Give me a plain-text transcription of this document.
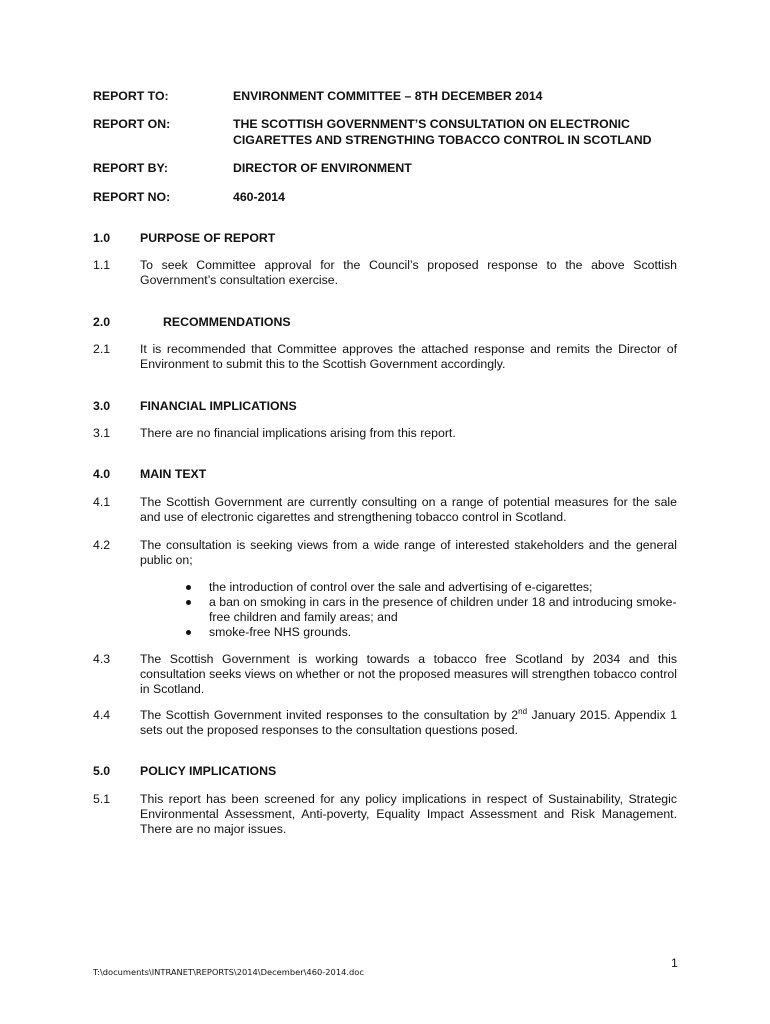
REPORT TO:	ENVIRONMENT COMMITTEE – 8TH DECEMBER 2014
REPORT ON:	THE SCOTTISH GOVERNMENT’S CONSULTATION ON ELECTRONIC CIGARETTES AND STRENGTHING TOBACCO CONTROL IN SCOTLAND
REPORT BY:	DIRECTOR OF ENVIRONMENT
REPORT NO:	460-2014
1.0 PURPOSE OF REPORT
1.1 To seek Committee approval for the Council’s proposed response to the above Scottish Government’s consultation exercise.
2.0	RECOMMENDATIONS
2.1 It is recommended that Committee approves the attached response and remits the Director of Environment to submit this to the Scottish Government accordingly.
3.0 FINANCIAL IMPLICATIONS
3.1 There are no financial implications arising from this report.
4.0 MAIN TEXT
4.1 The Scottish Government are currently consulting on a range of potential measures for the sale and use of electronic cigarettes and strengthening tobacco control in Scotland.
4.2 The consultation is seeking views from a wide range of interested stakeholders and the general public on;
the introduction of control over the sale and advertising of e-cigarettes;
a ban on smoking in cars in the presence of children under 18 and introducing smoke-free children and family areas; and
smoke-free NHS grounds.
4.3 The Scottish Government is working towards a tobacco free Scotland by 2034 and this consultation seeks views on whether or not the proposed measures will strengthen tobacco control in Scotland.
4.4 The Scottish Government invited responses to the consultation by 2nd January 2015. Appendix 1 sets out the proposed responses to the consultation questions posed.
5.0 POLICY IMPLICATIONS
5.1 This report has been screened for any policy implications in respect of Sustainability, Strategic Environmental Assessment, Anti-poverty, Equality Impact Assessment and Risk Management. There are no major issues.
1
T:\documents\INTRANET\REPORTS\2014\December\460-2014.doc
